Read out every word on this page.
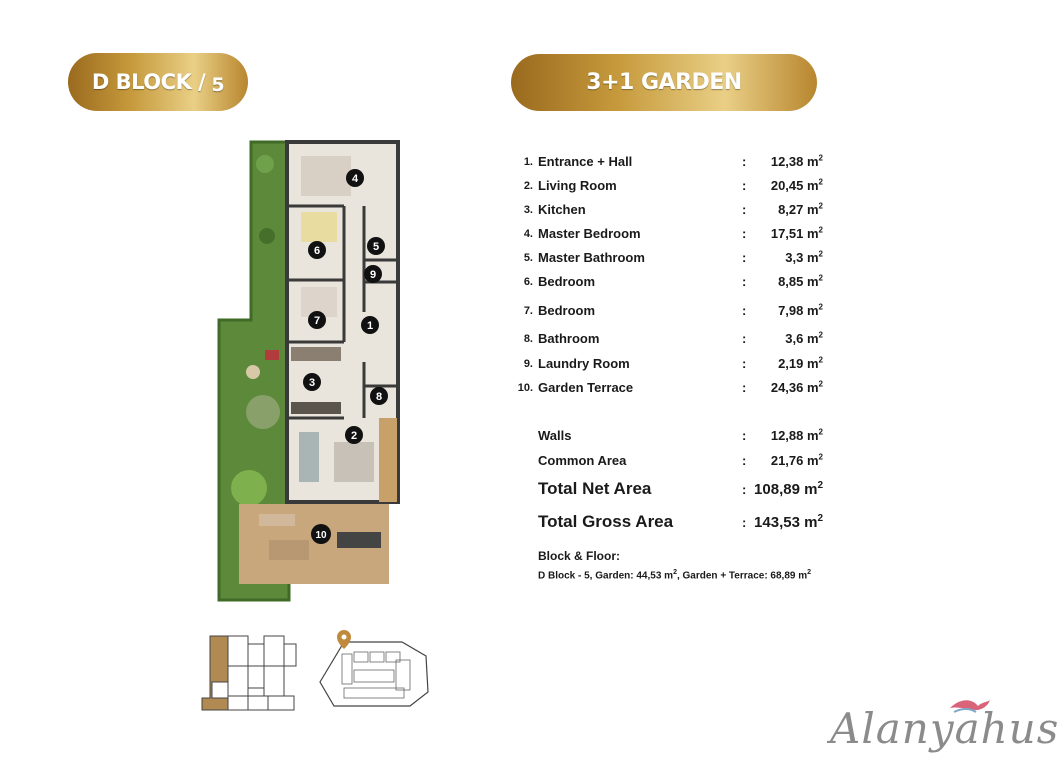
D BLOCK / 5	3+1 GARDEN
1
2
3
4
5
6
7
8
9
10
1. Entrance + Hall	: 12,38 $m^2$
2. Living Room	: 20,45 $m^2$
3. Kitchen	: 8,27 $m^2$
4. Master Bedroom	: 17,51 $m^2$
5. Master Bathroom	:	3,3 $m^2$
6. Bedroom	: 8,85 $m^2$
7. Bedroom	: 7,98 $m^2$
8. Bathroom	:	3,6 $m^2$
9. Laundry Room	: 2,19 $m^2$
10. Garden Terrace	: 24,36 $m^2$
Walls	: 12,88 $m^2$
Common Area	: 21,76 $m^2$
Total Net Area	: 108,89 $m^2$
Total Gross Area	: 143,53 $m^2$
Block & Floor:
D Block - 5, Garden: 44,53 $m^2$, Garden + Terrace: 68,89 $m^2$
Alanyahus
